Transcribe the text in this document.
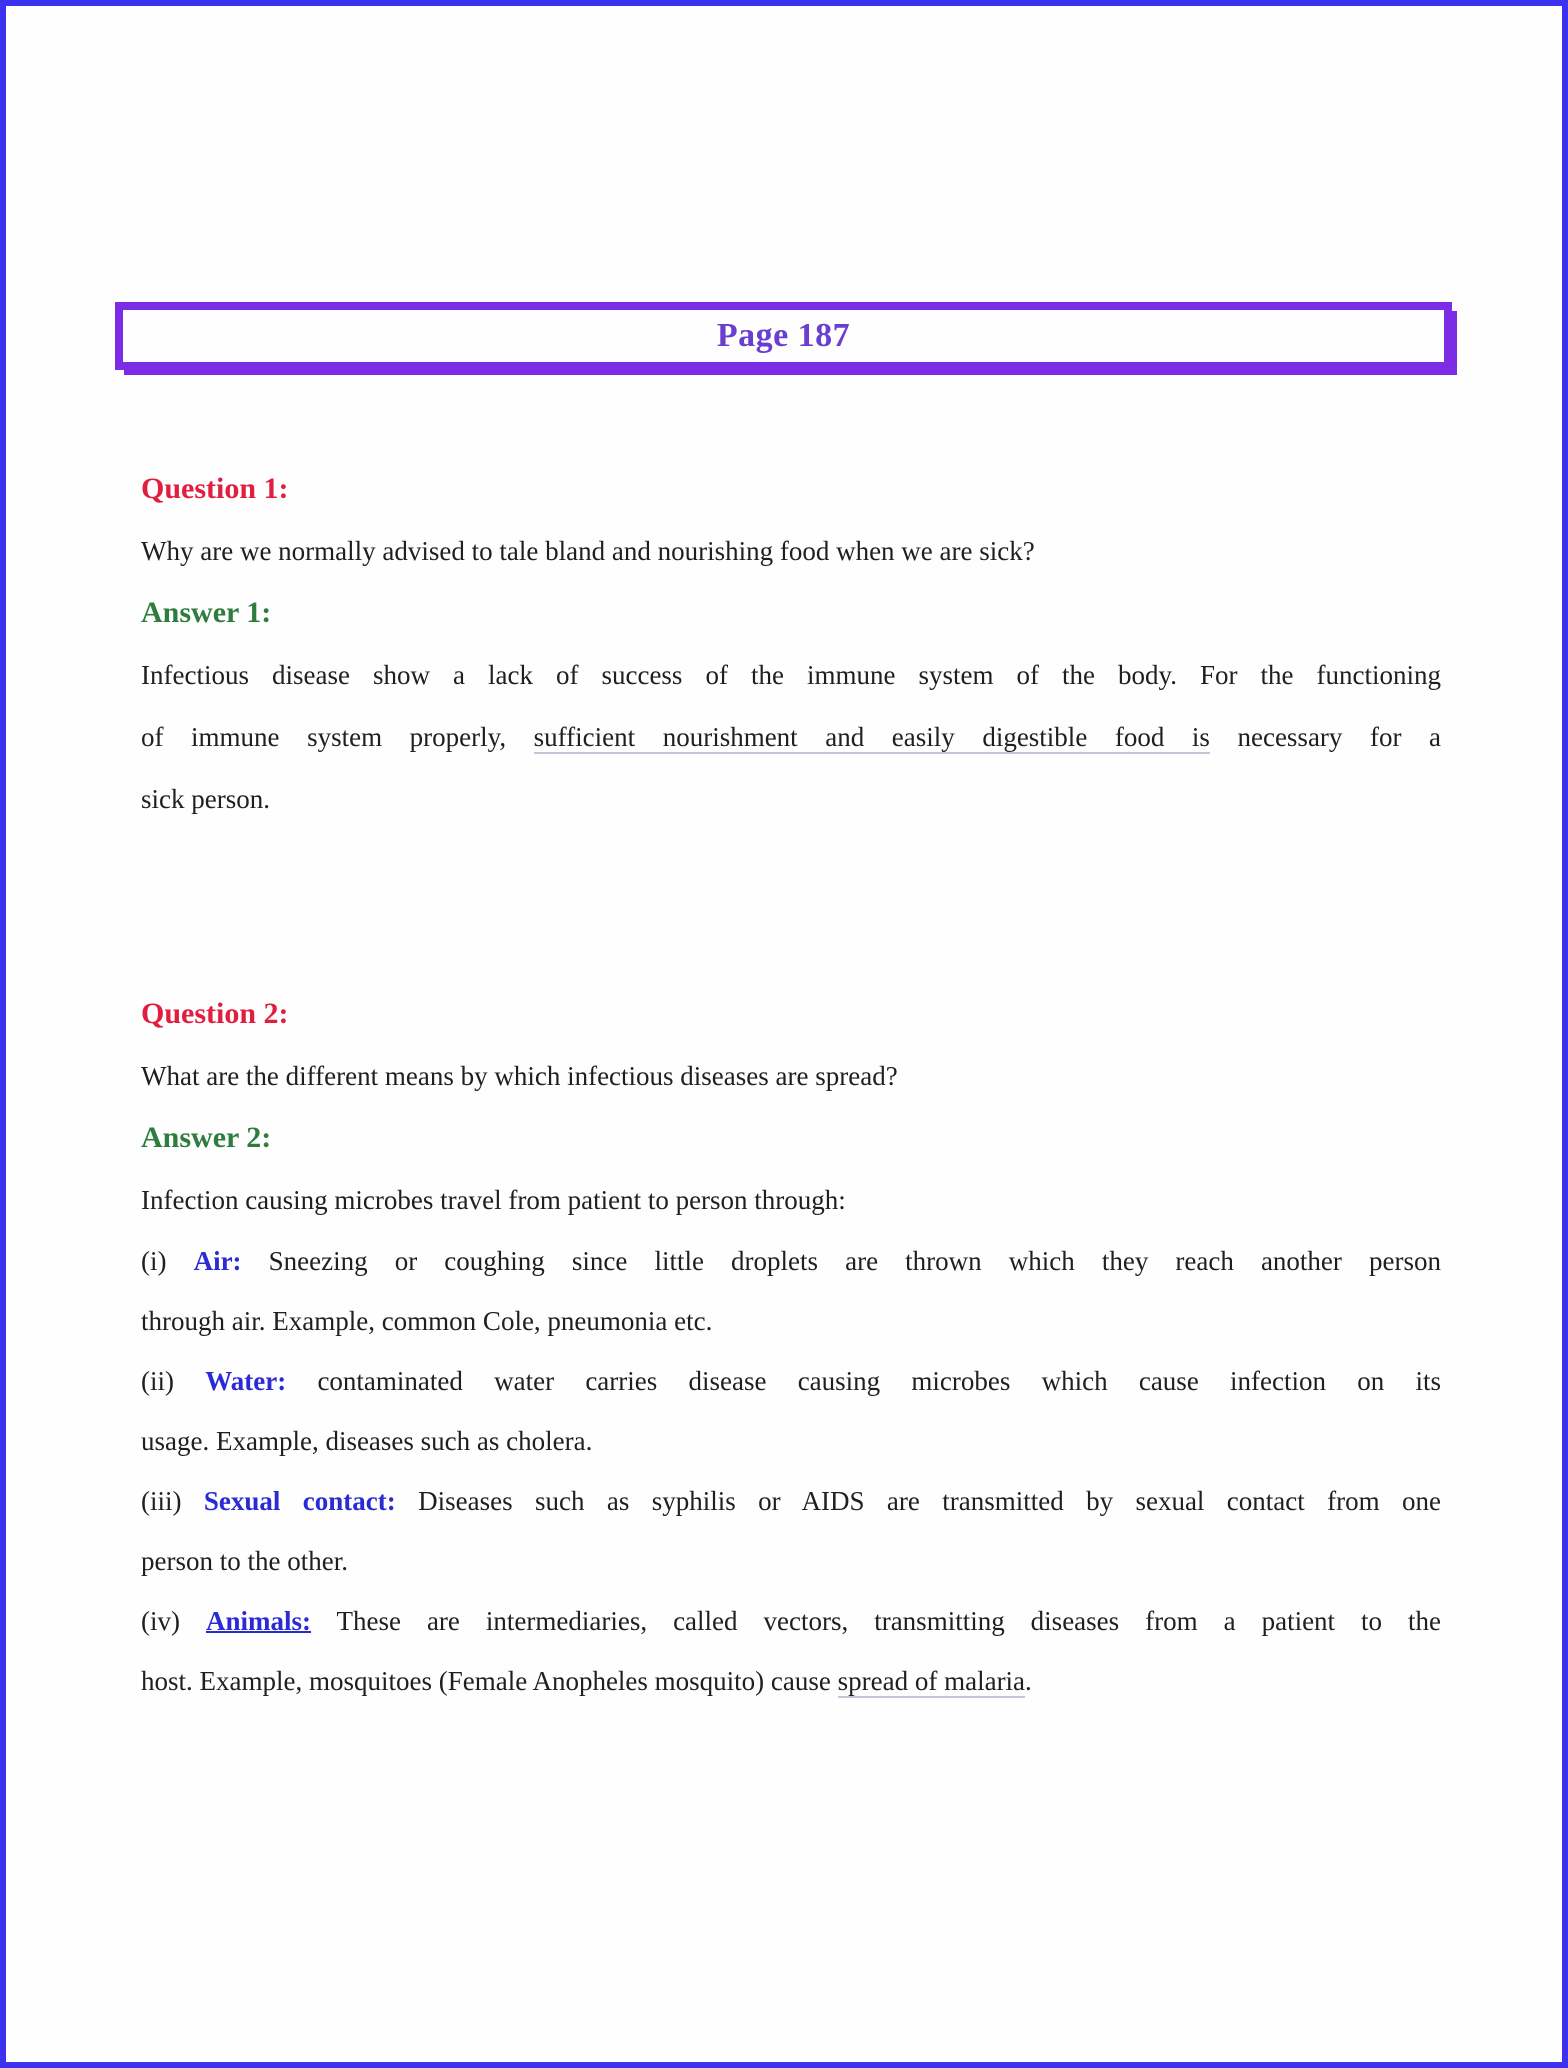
Page 187
Question 1:
Why are we normally advised to tale bland and nourishing food when we are sick?
Answer 1:
Infectious disease show a lack of success of the immune system of the body. For the functioning
of immune system properly, sufficient nourishment and easily digestible food is necessary for a
sick person.
Question 2:
What are the different means by which infectious diseases are spread?
Answer 2:
Infection causing microbes travel from patient to person through:
(i) Air: Sneezing or coughing since little droplets are thrown which they reach another person
through air. Example, common Cole, pneumonia etc.
(ii) Water: contaminated water carries disease causing microbes which cause infection on its
usage. Example, diseases such as cholera.
(iii) Sexual contact: Diseases such as syphilis or AIDS are transmitted by sexual contact from one
person to the other.
(iv) Animals: These are intermediaries, called vectors, transmitting diseases from a patient to the
host. Example, mosquitoes (Female Anopheles mosquito) cause spread of malaria.
